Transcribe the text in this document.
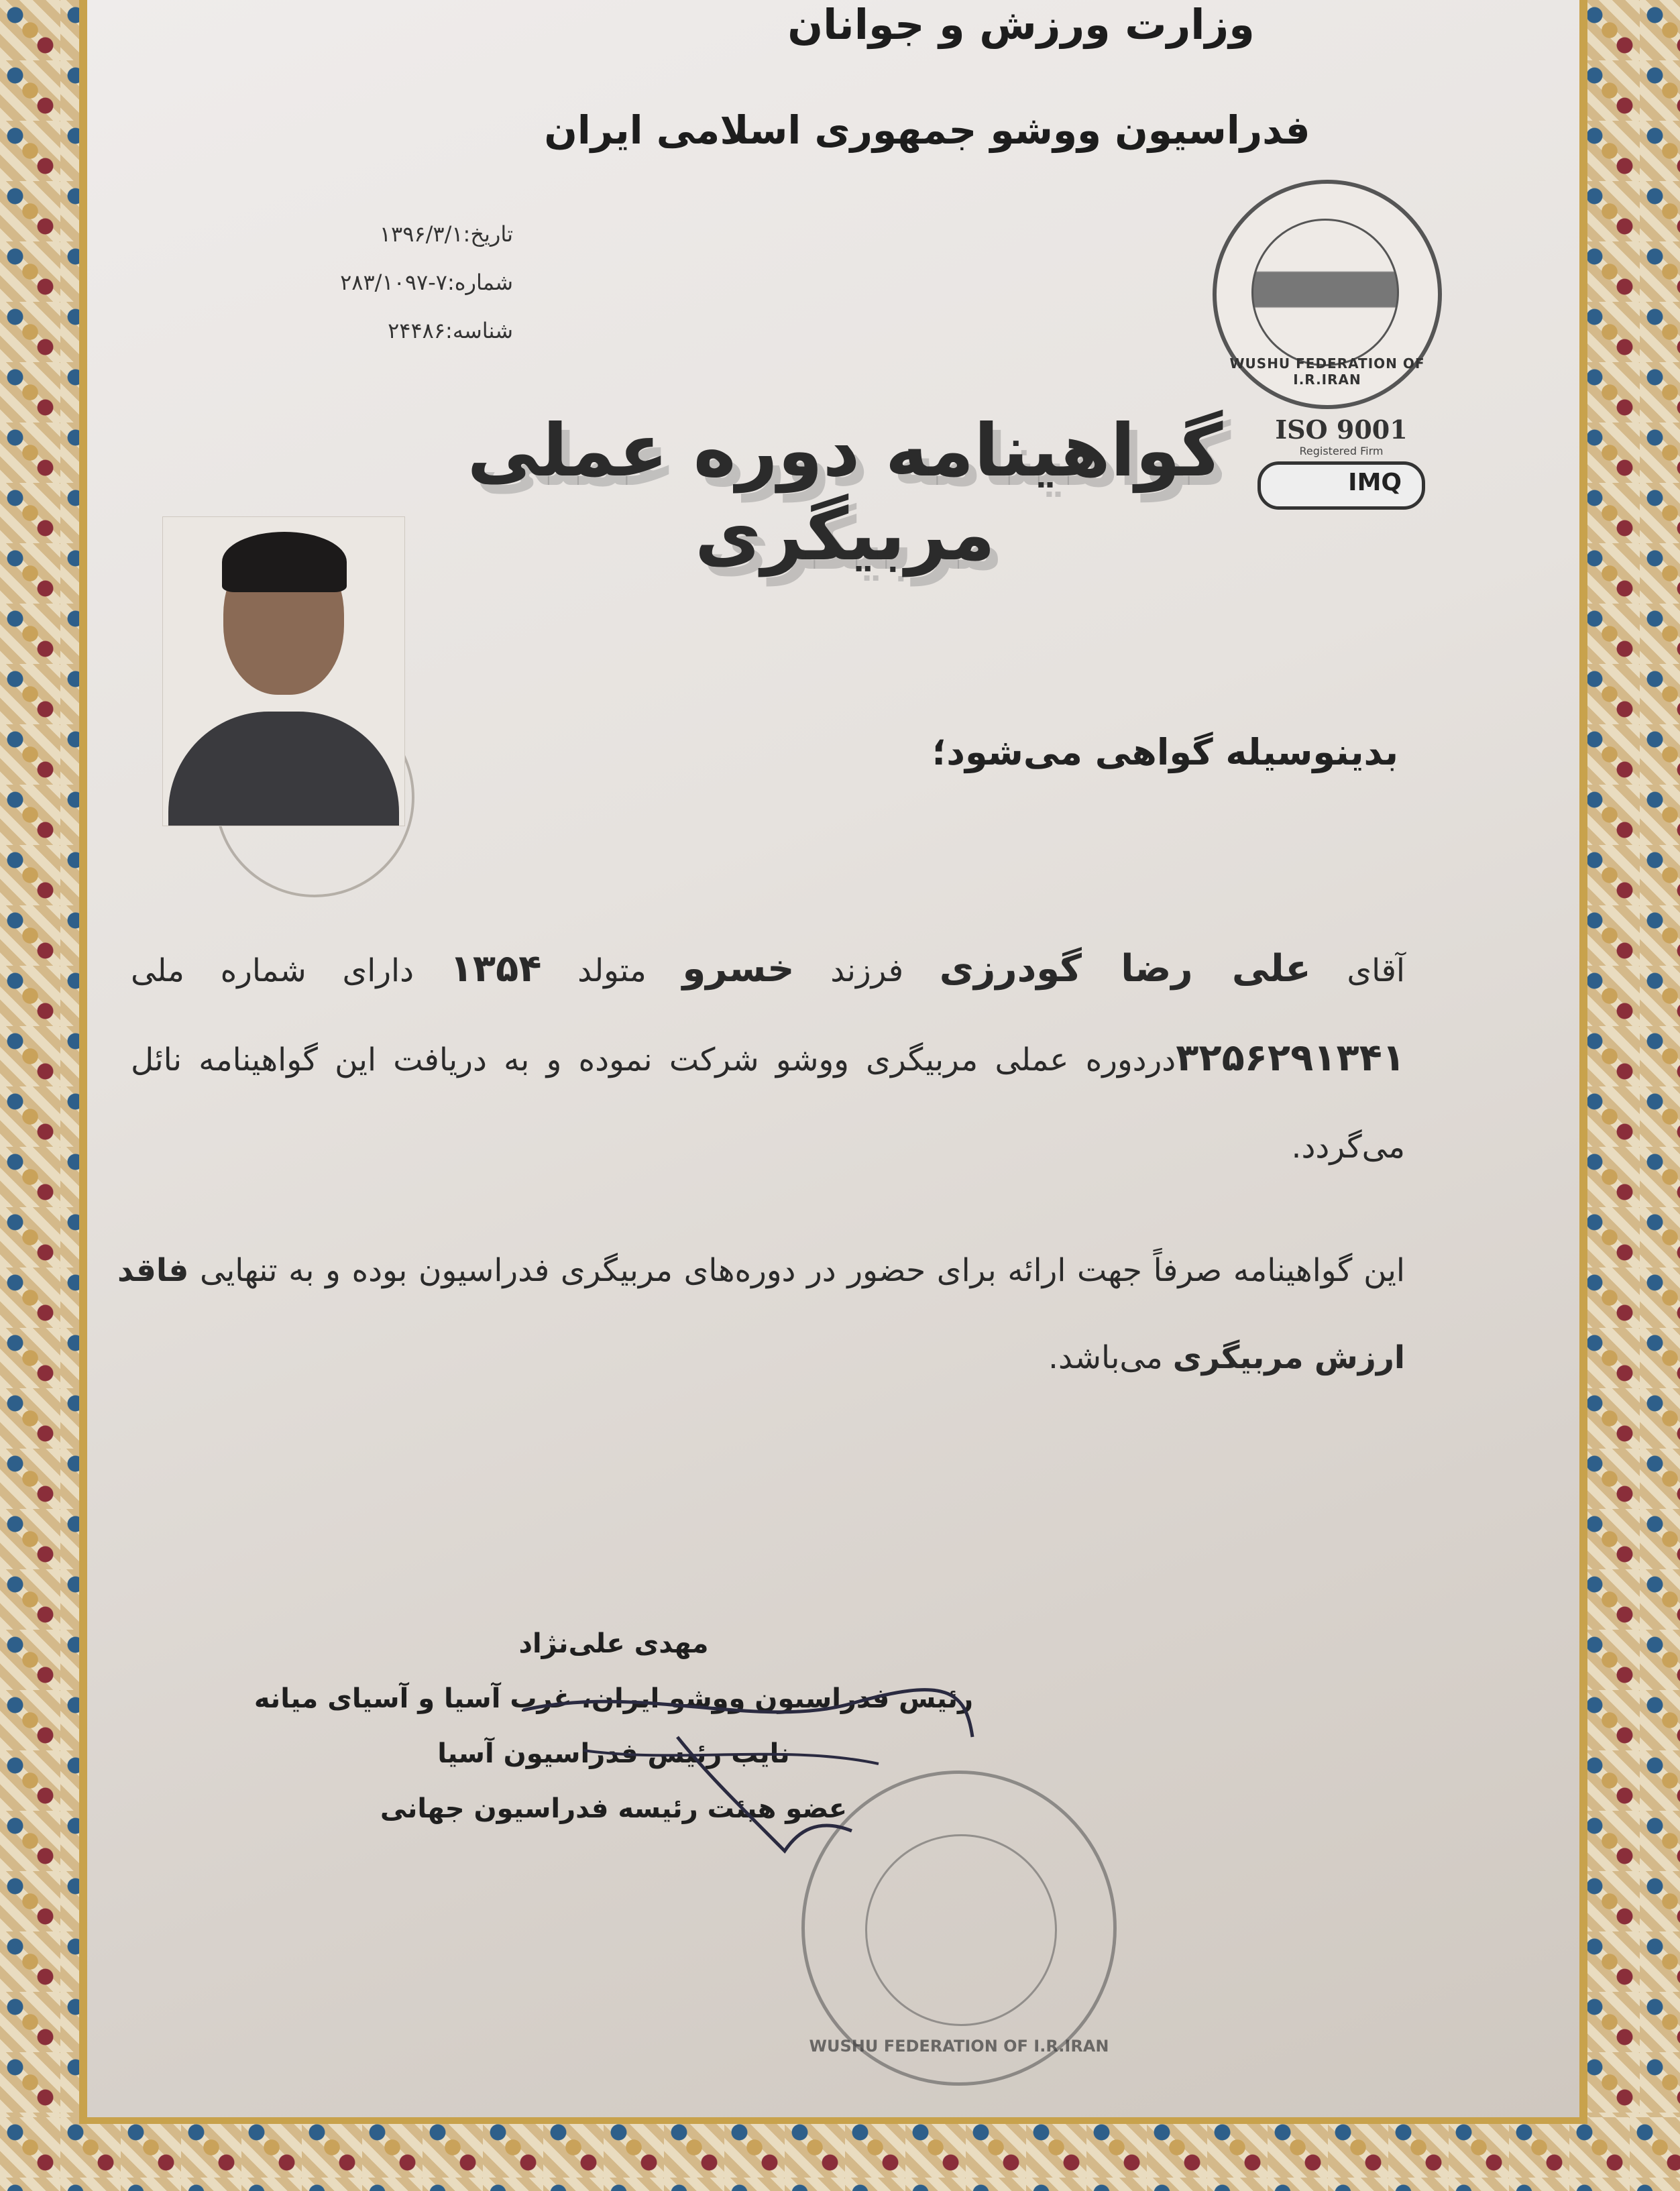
وزارت ورزش و جوانان
فدراسیون ووشو جمهوری اسلامی ایران
تاریخ:۱۳۹۶/۳/۱
شماره:۷-۲۸۳/۱۰۹۷
شناسه:۲۴۴۸۶
WUSHU FEDERATION OF I.R.IRAN
ISO 9001
Registered Firm
IMQ
گواهینامه دوره عملی مربیگری
بدینوسیله گواهی می‌شود؛
آقای علی رضا گودرزی فرزند خسرو متولد ۱۳۵۴ دارای شماره ملی ۳۲۵۶۲۹۱۳۴۱دردوره عملی مربیگری ووشو شرکت نموده و به دریافت این گواهینامه نائل می‌گردد.
این گواهینامه صرفاً جهت ارائه برای حضور در دوره‌های مربیگری فدراسیون بوده و به تنهایی فاقد ارزش مربیگری می‌باشد.
WUSHU FEDERATION OF I.R.IRAN
مهدی علی‌نژاد
رئیس فدراسیون ووشو ایران، غرب آسیا و آسیای میانه
نایب رئیس فدراسیون آسیا
عضو هیئت رئیسه فدراسیون جهانی
